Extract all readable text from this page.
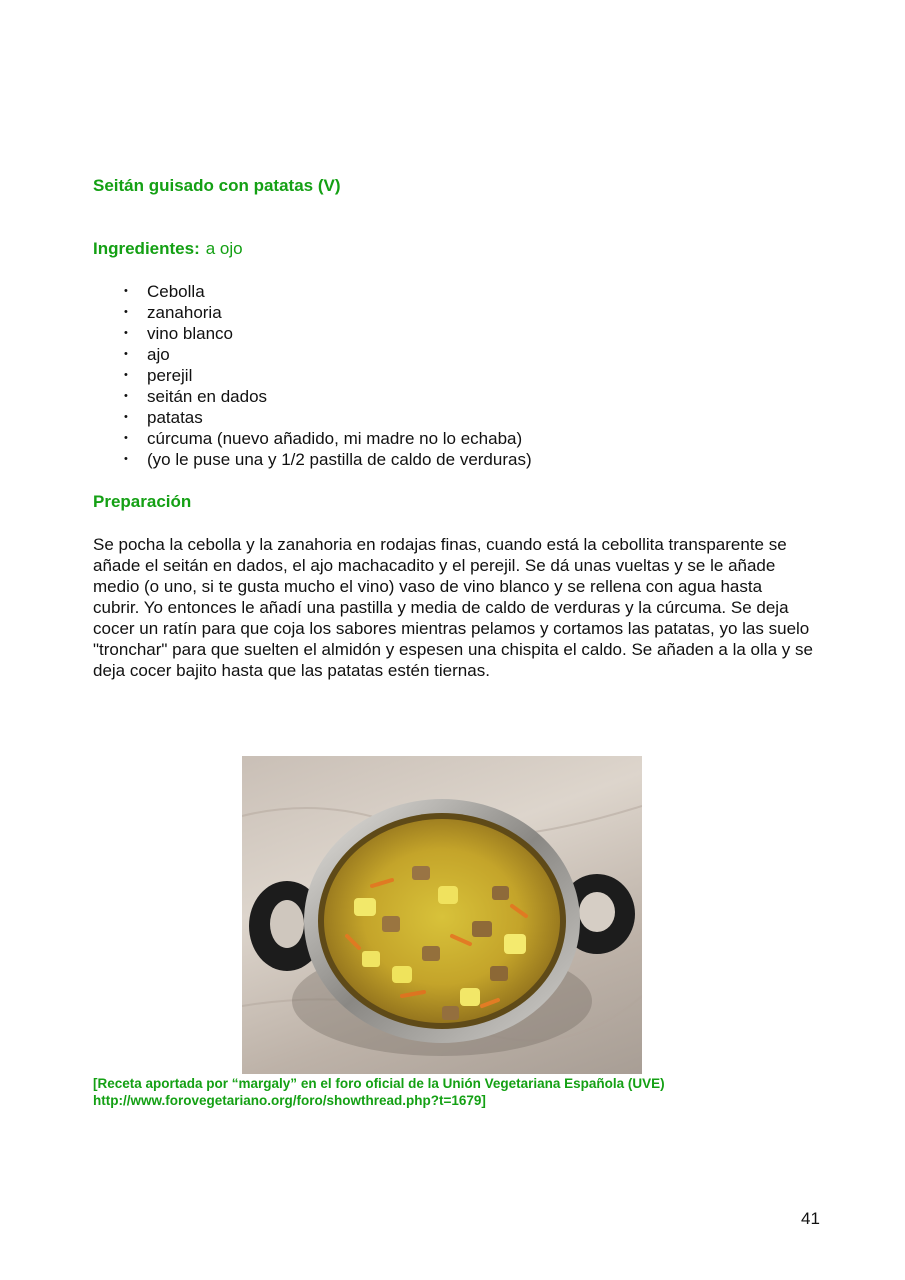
Seitán guisado con patatas (V)

Ingredientes: a ojo

• Cebolla
• zanahoria
• vino blanco
• ajo
• perejil
• seitán en dados
• patatas
• cúrcuma (nuevo añadido, mi madre no lo echaba)
• (yo le puse una y 1/2 pastilla de caldo de verduras)
Preparación

Se pocha la cebolla y la zanahoria en rodajas finas, cuando está la cebollita transparente se añade el seitán en dados, el ajo machacadito y el perejil. Se dá unas vueltas y se le añade medio (o uno, si te gusta mucho el vino) vaso de vino blanco y se rellena con agua hasta cubrir. Yo entonces le añadí una pastilla y media de caldo de verduras y la cúrcuma. Se deja cocer un ratín para que coja los sabores mientras pelamos y cortamos las patatas, yo las suelo "tronchar" para que suelten el almidón y espesen una chispita el caldo. Se añaden a la olla y se deja cocer bajito hasta que las patatas estén tiernas.

[Receta aportada por “margaly” en el foro oficial de la Unión Vegetariana Española (UVE)
http://www.forovegetariano.org/foro/showthread.php?t=1679]

41
